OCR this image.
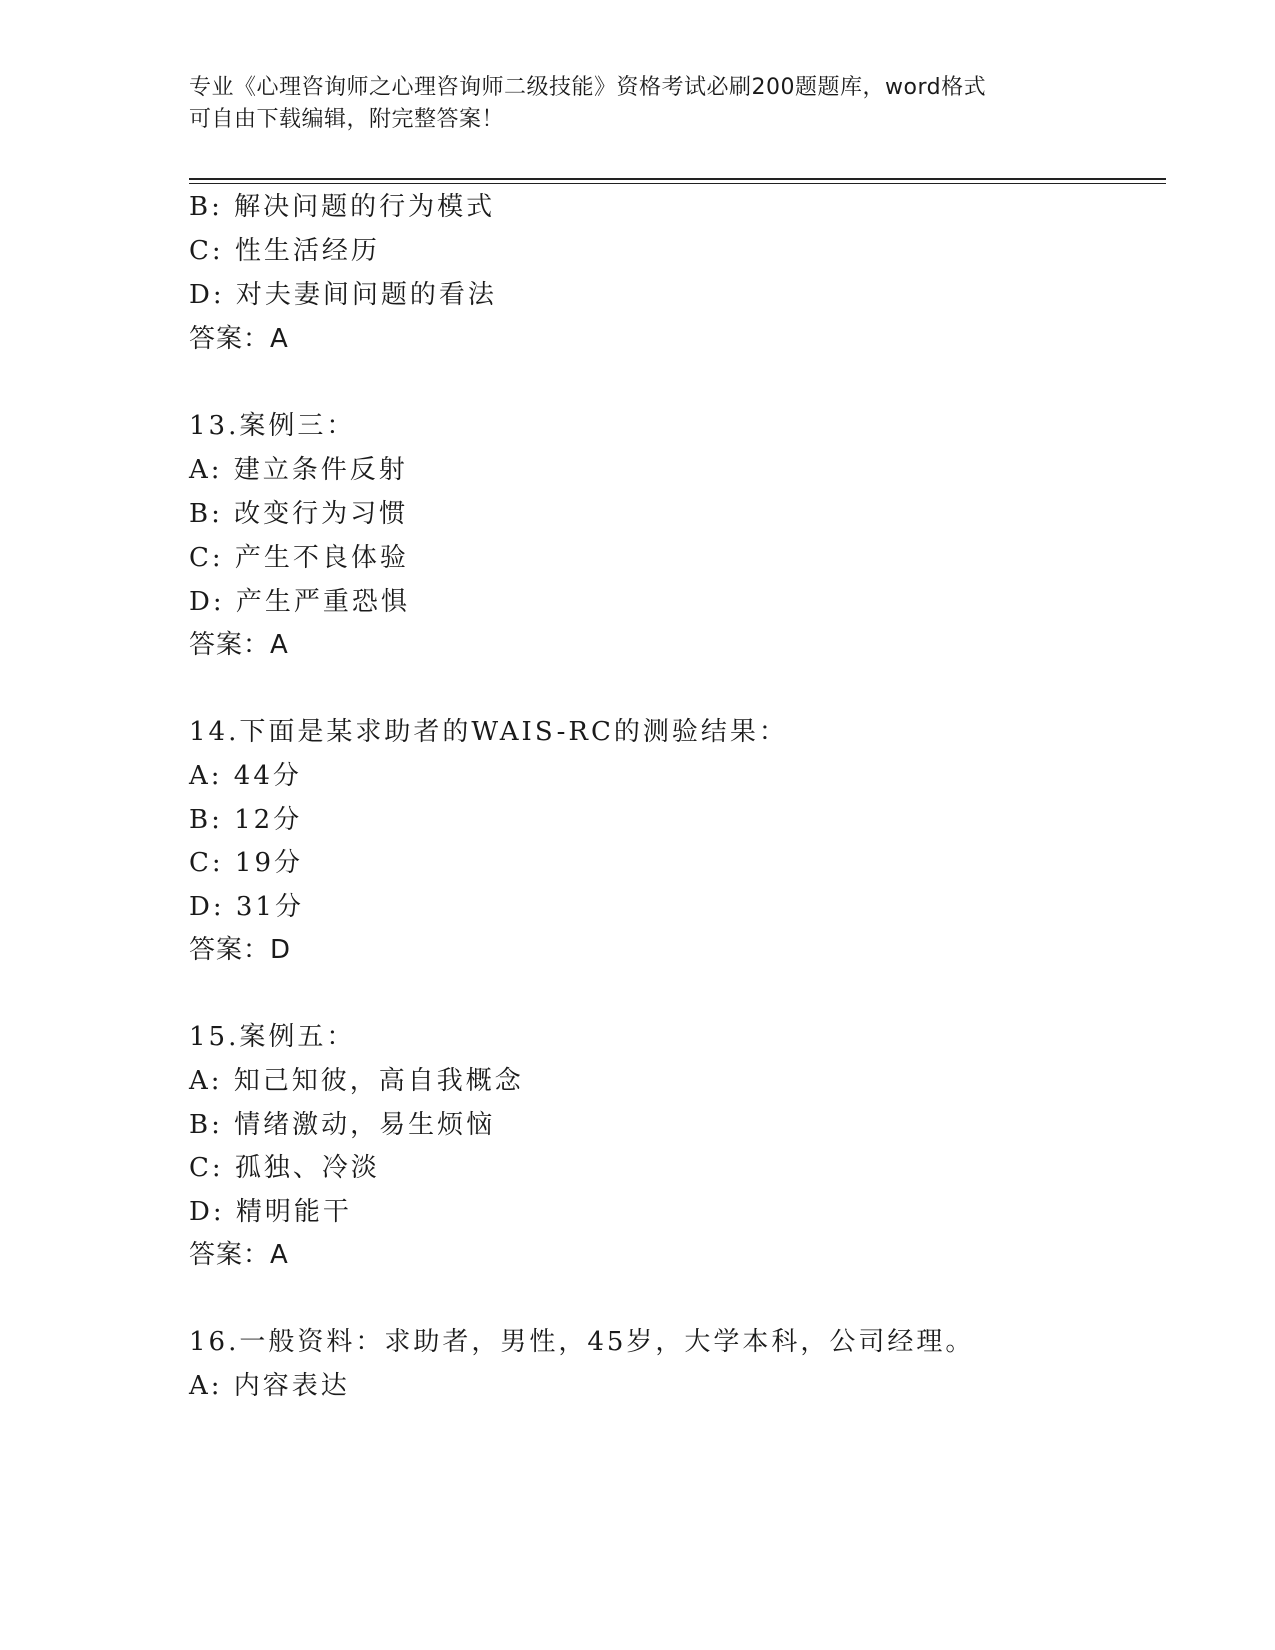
专业《心理咨询师之心理咨询师二级技能》资格考试必刷200题题库，word格式
可自由下载编辑，附完整答案！
B: 解决问题的行为模式
C: 性生活经历
D: 对夫妻间问题的看法
答案：A
13.案例三：
A: 建立条件反射
B: 改变行为习惯
C: 产生不良体验
D: 产生严重恐惧
答案：A
14.下面是某求助者的WAIS-RC的测验结果：
A: 44分
B: 12分
C: 19分
D: 31分
答案：D
15.案例五：
A: 知己知彼，高自我概念
B: 情绪激动，易生烦恼
C: 孤独、冷淡
D: 精明能干
答案：A
16.一般资料：求助者，男性，45岁，大学本科，公司经理。
A: 内容表达
